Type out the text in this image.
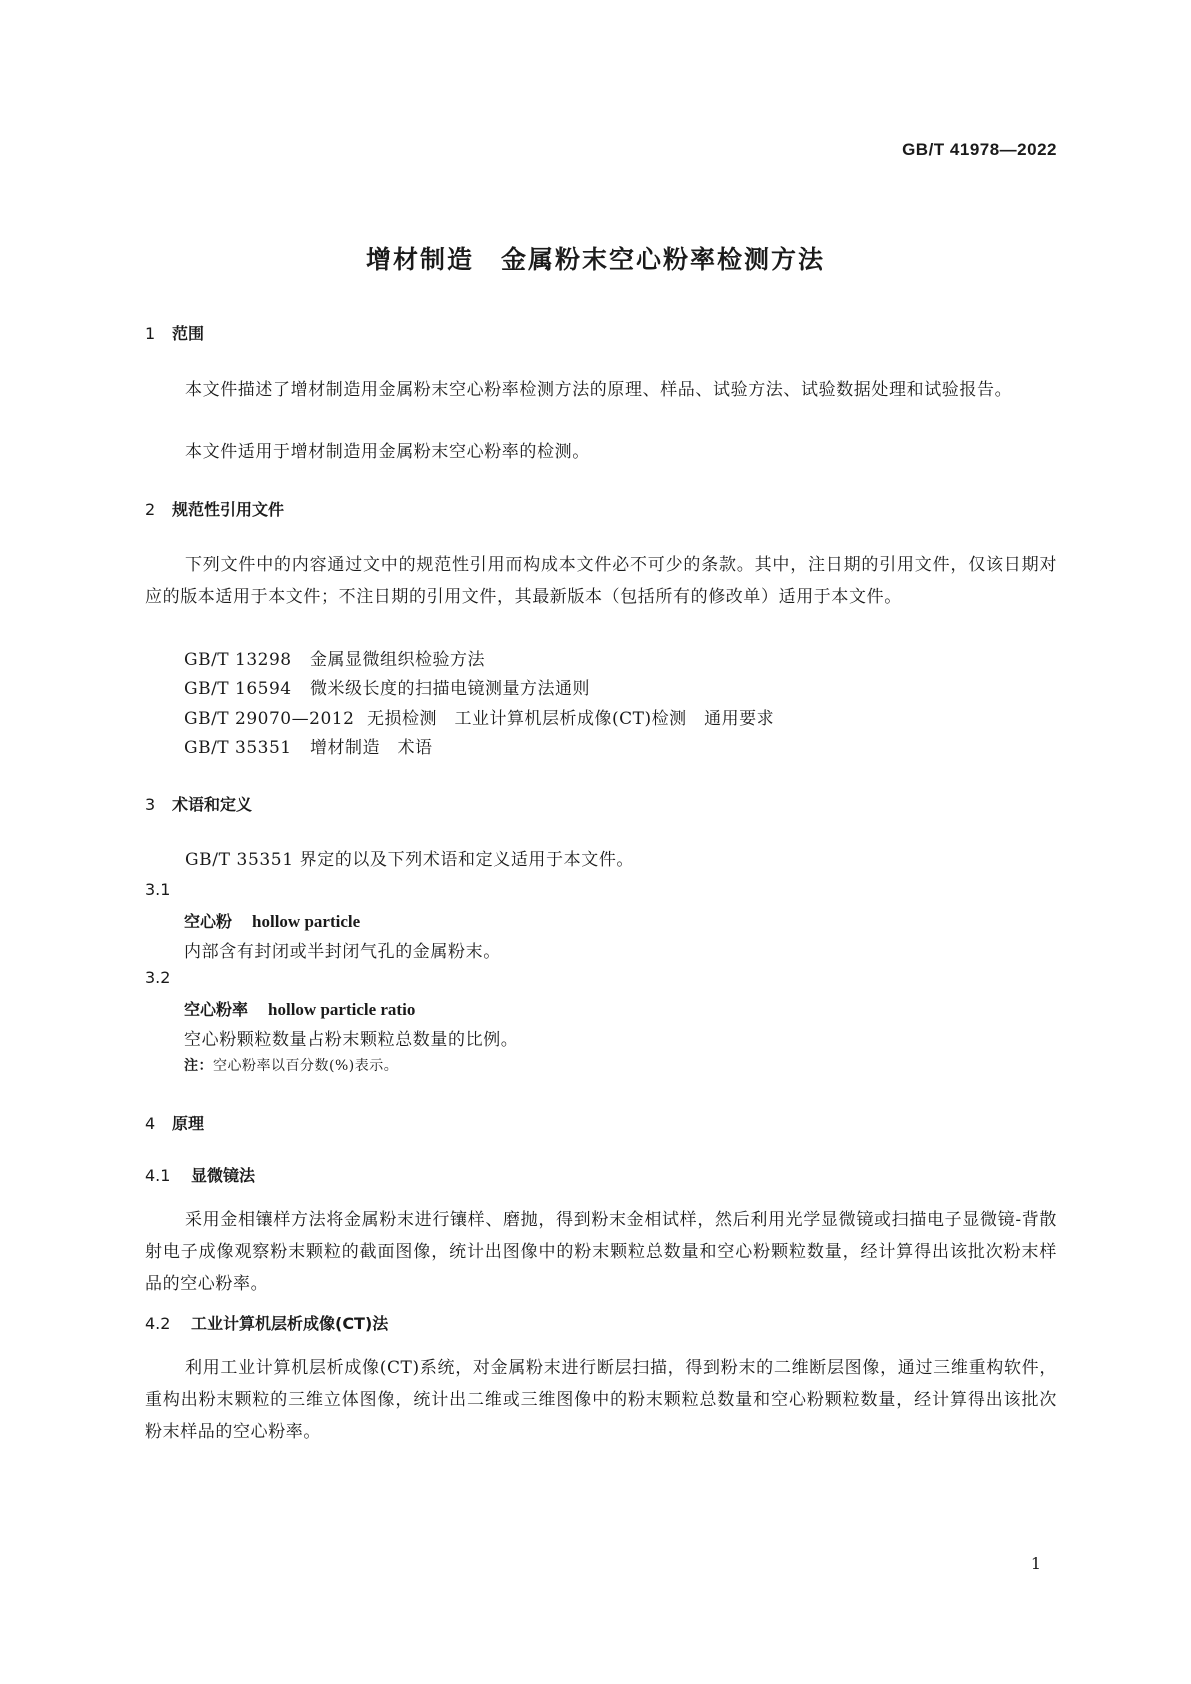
GB/T 41978—2022
增材制造　金属粉末空心粉率检测方法
1 范围
本文件描述了增材制造用金属粉末空心粉率检测方法的原理、样品、试验方法、试验数据处理和试验报告。
本文件适用于增材制造用金属粉末空心粉率的检测。
2 规范性引用文件
下列文件中的内容通过文中的规范性引用而构成本文件必不可少的条款。其中，注日期的引用文件，仅该日期对应的版本适用于本文件；不注日期的引用文件，其最新版本（包括所有的修改单）适用于本文件。
GB/T 13298 金属显微组织检验方法
GB/T 16594 微米级长度的扫描电镜测量方法通则
GB/T 29070—2012 无损检测　工业计算机层析成像(CT)检测　通用要求
GB/T 35351 增材制造　术语
3 术语和定义
GB/T 35351 界定的以及下列术语和定义适用于本文件。
3.1
空心粉 hollow particle
内部含有封闭或半封闭气孔的金属粉末。
3.2
空心粉率 hollow particle ratio
空心粉颗粒数量占粉末颗粒总数量的比例。
注：空心粉率以百分数(%)表示。
4 原理
4.1 显微镜法
采用金相镶样方法将金属粉末进行镶样、磨抛，得到粉末金相试样，然后利用光学显微镜或扫描电子显微镜-背散射电子成像观察粉末颗粒的截面图像，统计出图像中的粉末颗粒总数量和空心粉颗粒数量，经计算得出该批次粉末样品的空心粉率。
4.2 工业计算机层析成像(CT)法
利用工业计算机层析成像(CT)系统，对金属粉末进行断层扫描，得到粉末的二维断层图像，通过三维重构软件，重构出粉末颗粒的三维立体图像，统计出二维或三维图像中的粉末颗粒总数量和空心粉颗粒数量，经计算得出该批次粉末样品的空心粉率。
1
